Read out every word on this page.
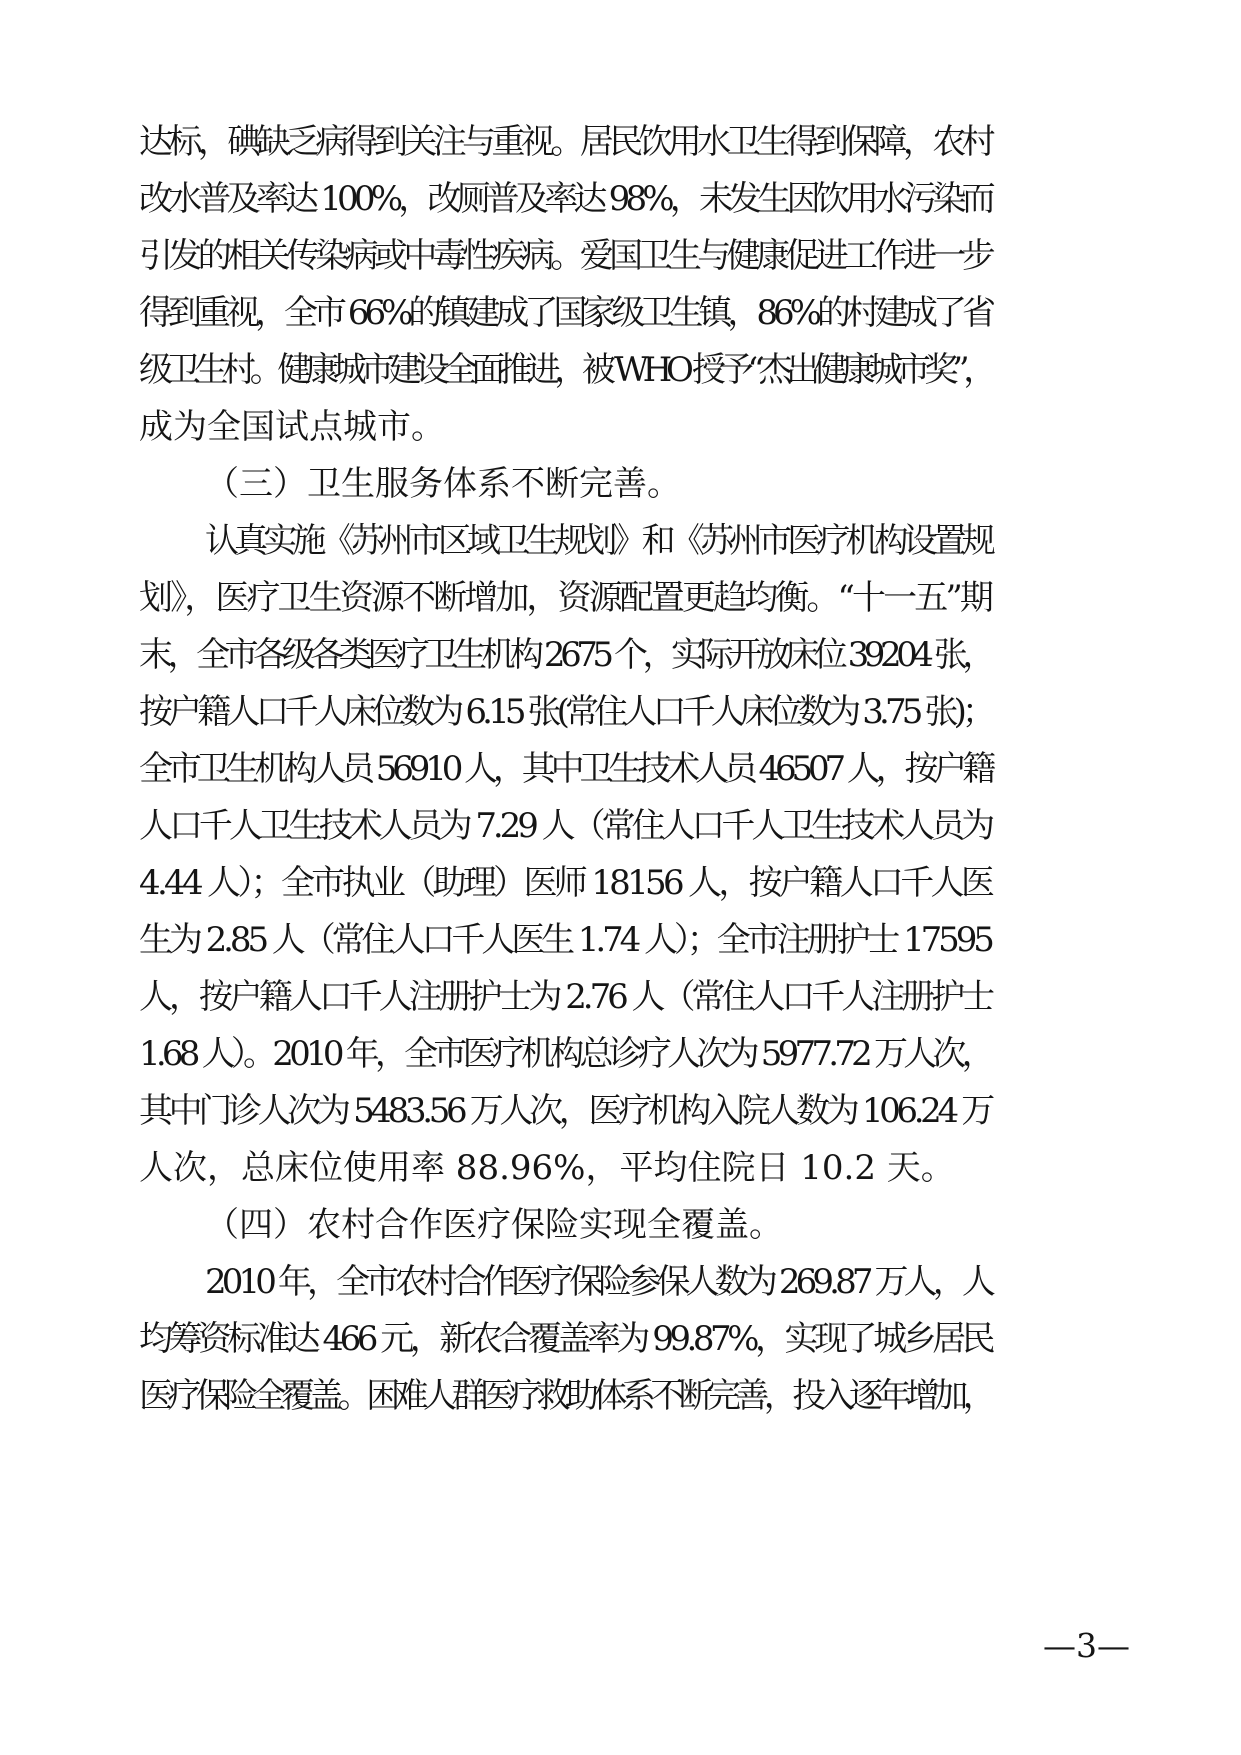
达标，碘缺乏病得到关注与重视。居民饮用水卫生得到保障，农村
改水普及率达 100%，改厕普及率达 98%，未发生因饮用水污染而
引发的相关传染病或中毒性疾病。爱国卫生与健康促进工作进一步
得到重视，全市 66%的镇建成了国家级卫生镇，86%的村建成了省
级卫生村。健康城市建设全面推进，被 WHO 授予“杰出健康城市奖”，
成为全国试点城市。
（三）卫生服务体系不断完善。
认真实施《苏州市区域卫生规划》和《苏州市医疗机构设置规
划》，医疗卫生资源不断增加，资源配置更趋均衡。“十一五”期
末，全市各级各类医疗卫生机构 2675 个，实际开放床位 39204 张，
按户籍人口千人床位数为 6.15 张(常住人口千人床位数为 3.75 张)；
全市卫生机构人员 56910 人，其中卫生技术人员 46507 人，按户籍
人口千人卫生技术人员为 7.29 人（常住人口千人卫生技术人员为
4.44 人）；全市执业（助理）医师 18156 人，按户籍人口千人医
生为 2.85 人（常住人口千人医生 1.74 人）；全市注册护士 17595
人，按户籍人口千人注册护士为 2.76 人（常住人口千人注册护士
1.68 人）。2010 年，全市医疗机构总诊疗人次为 5977.72 万人次，
其中门诊人次为 5483.56 万人次，医疗机构入院人数为 106.24 万
人次，总床位使用率 88.96%，平均住院日 10.2 天。
（四）农村合作医疗保险实现全覆盖。
2010 年，全市农村合作医疗保险参保人数为 269.87 万人，人
均筹资标准达 466 元，新农合覆盖率为 99.87%，实现了城乡居民
医疗保险全覆盖。困难人群医疗救助体系不断完善，投入逐年增加，
—3—
